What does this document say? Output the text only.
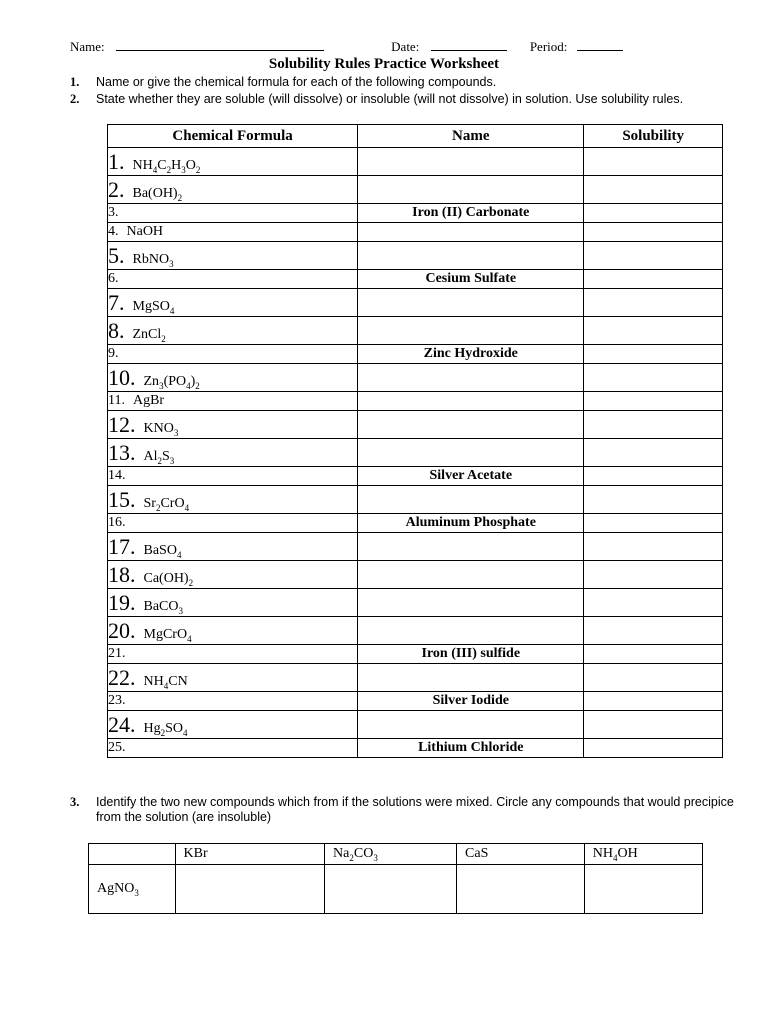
Name:	Date:	Period:
Solubility Rules Practice Worksheet
1. Name or give the chemical formula for each of the following compounds.
2. State whether they are soluble (will dissolve) or insoluble (will not dissolve) in solution. Use solubility rules.
Chemical Formula	Name	Solubility
1. $NH_4C_2H_3O_2$		
2. $Ba(OH)_2$		
3.	Iron (II) Carbonate	
4. NaOH		
5. RbNO$_3$		
6.	Cesium Sulfate	
7. MgSO$_4$		
8. ZnCl$_2$		
9.	Zinc Hydroxide	
10. $Zn_3(PO_4)_2$		
11. AgBr		
12. $KNO_3$		
13. $Al_2S_3$		
14.	Silver Acetate	
15. $Sr_2CrO_4$		
16.	Aluminum Phosphate	
17. BaSO$_4$		
18. $Ca(OH)_2$		
19. BaCO$_3$		
20. MgCrO$_4$		
21.	Iron (III) sulfide	
22. $NH_4CN$		
23.	Silver Iodide	
24. $Hg_2SO_4$		
25.	Lithium Chloride	
3. Identify the two new compounds which from if the solutions were mixed. Circle any compounds that would precipice from the solution (are insoluble)
	KBr	$Na_2CO_3$	CaS	$NH_4OH$
AgNO$_3$				
